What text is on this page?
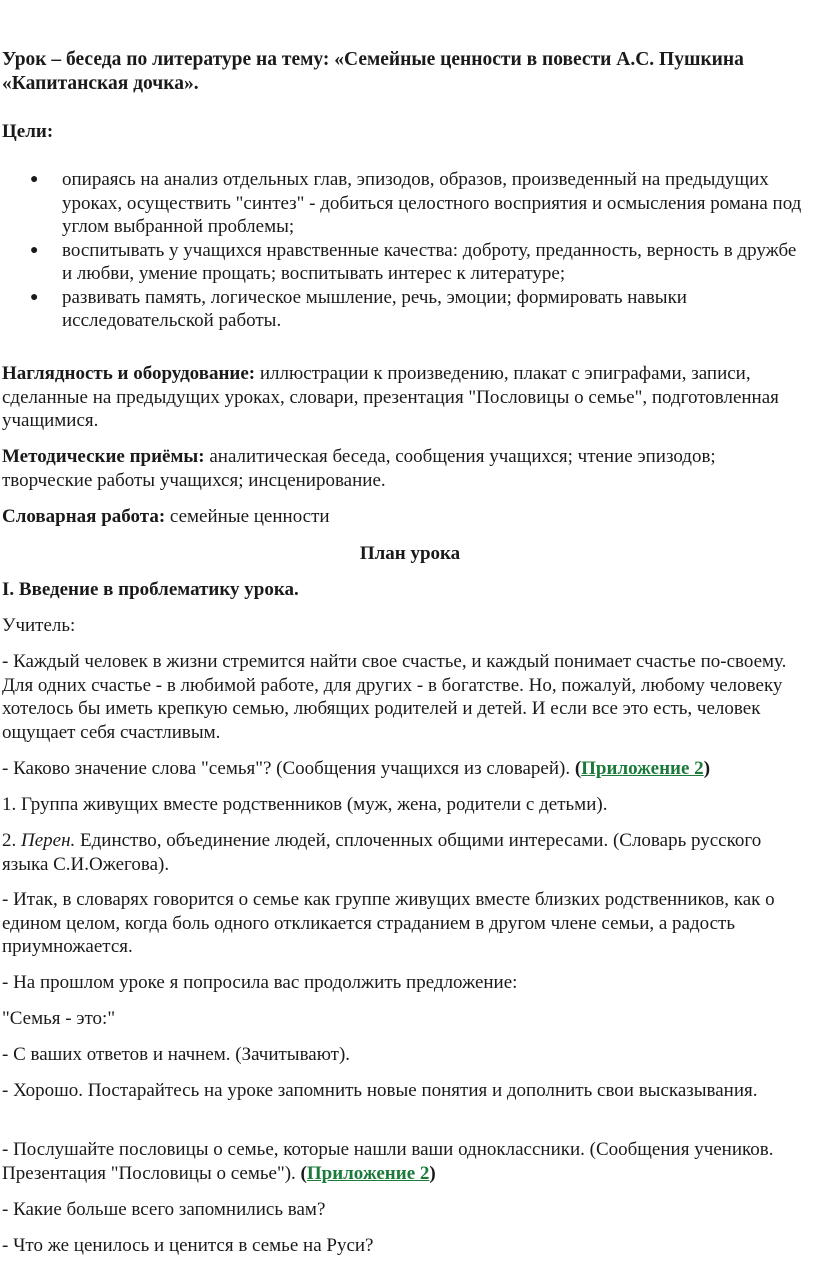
Урок – беседа по литературе на тему: «Семейные ценности в повести А.С. Пушкина «Капитанская дочка».

Цели:

● опираясь на анализ отдельных глав, эпизодов, образов, произведенный на предыдущих уроках, осуществить "синтез" - добиться целостного восприятия и осмысления романа под углом выбранной проблемы;
● воспитывать у учащихся нравственные качества: доброту, преданность, верность в дружбе и любви, умение прощать; воспитывать интерес к литературе;
● развивать память, логическое мышление, речь, эмоции; формировать навыки исследовательской работы.

Наглядность и оборудование: иллюстрации к произведению, плакат с эпиграфами, записи, сделанные на предыдущих уроках, словари, презентация "Пословицы о семье", подготовленная учащимися.

Методические приёмы: аналитическая беседа, сообщения учащихся; чтение эпизодов; творческие работы учащихся; инсценирование.

Словарная работа: семейные ценности

План урока

I. Введение в проблематику урока.

Учитель:

- Каждый человек в жизни стремится найти свое счастье, и каждый понимает счастье по-своему. Для одних счастье - в любимой работе, для других - в богатстве. Но, пожалуй, любому человеку хотелось бы иметь крепкую семью, любящих родителей и детей. И если все это есть, человек ощущает себя счастливым.

- Каково значение слова "семья"? (Сообщения учащихся из словарей). (Приложение 2)

1. Группа живущих вместе родственников (муж, жена, родители с детьми).

2. Перен. Единство, объединение людей, сплоченных общими интересами. (Словарь русского языка С.И.Ожегова).

- Итак, в словарях говорится о семье как группе живущих вместе близких родственников, как о едином целом, когда боль одного откликается страданием в другом члене семьи, а радость приумножается.

- На прошлом уроке я попросила вас продолжить предложение:

"Семья - это:"

- С ваших ответов и начнем. (Зачитывают).

- Хорошо. Постарайтесь на уроке запомнить новые понятия и дополнить свои высказывания.

- Послушайте пословицы о семье, которые нашли ваши одноклассники. (Сообщения учеников. Презентация "Пословицы о семье"). (Приложение 2)

- Какие больше всего запомнились вам?

- Что же ценилось и ценится в семье на Руси?
